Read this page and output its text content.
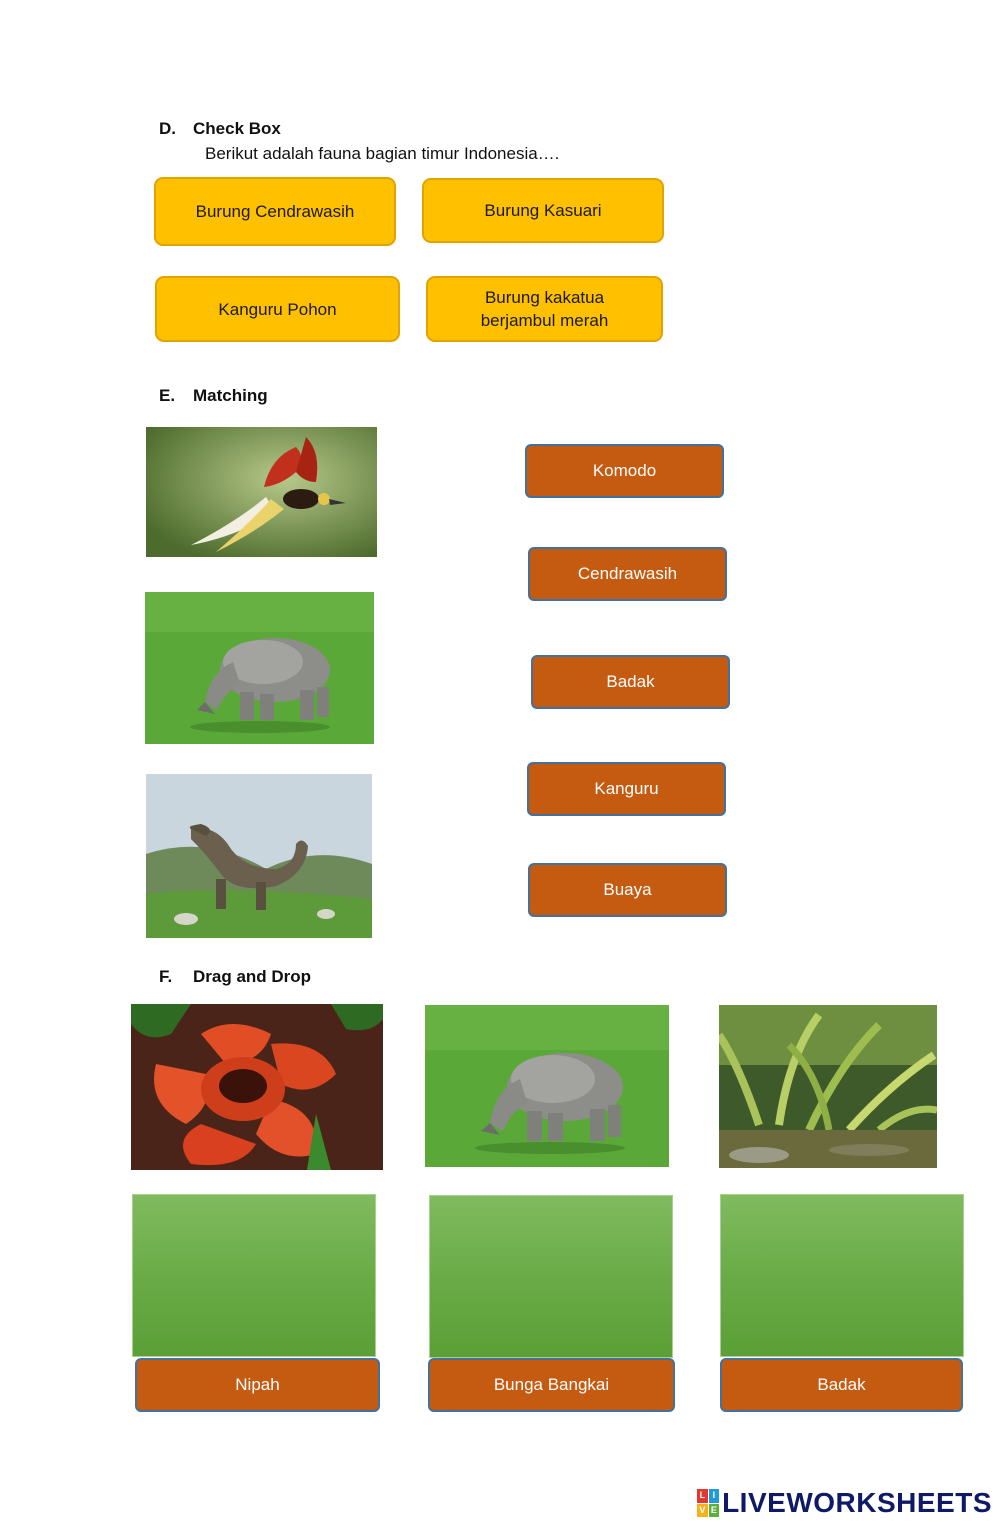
D. Check Box
Berikut adalah fauna bagian timur Indonesia….
Burung Cendrawasih	Burung Kasuari
Kanguru Pohon
Burung kakatua berjambul merah
E. Matching
Komodo
Cendrawasih
Badak
Kanguru
Buaya
F. Drag and Drop
Nipah	Bunga Bangkai	Badak
L I
V E LIVEWORKSHEETS
